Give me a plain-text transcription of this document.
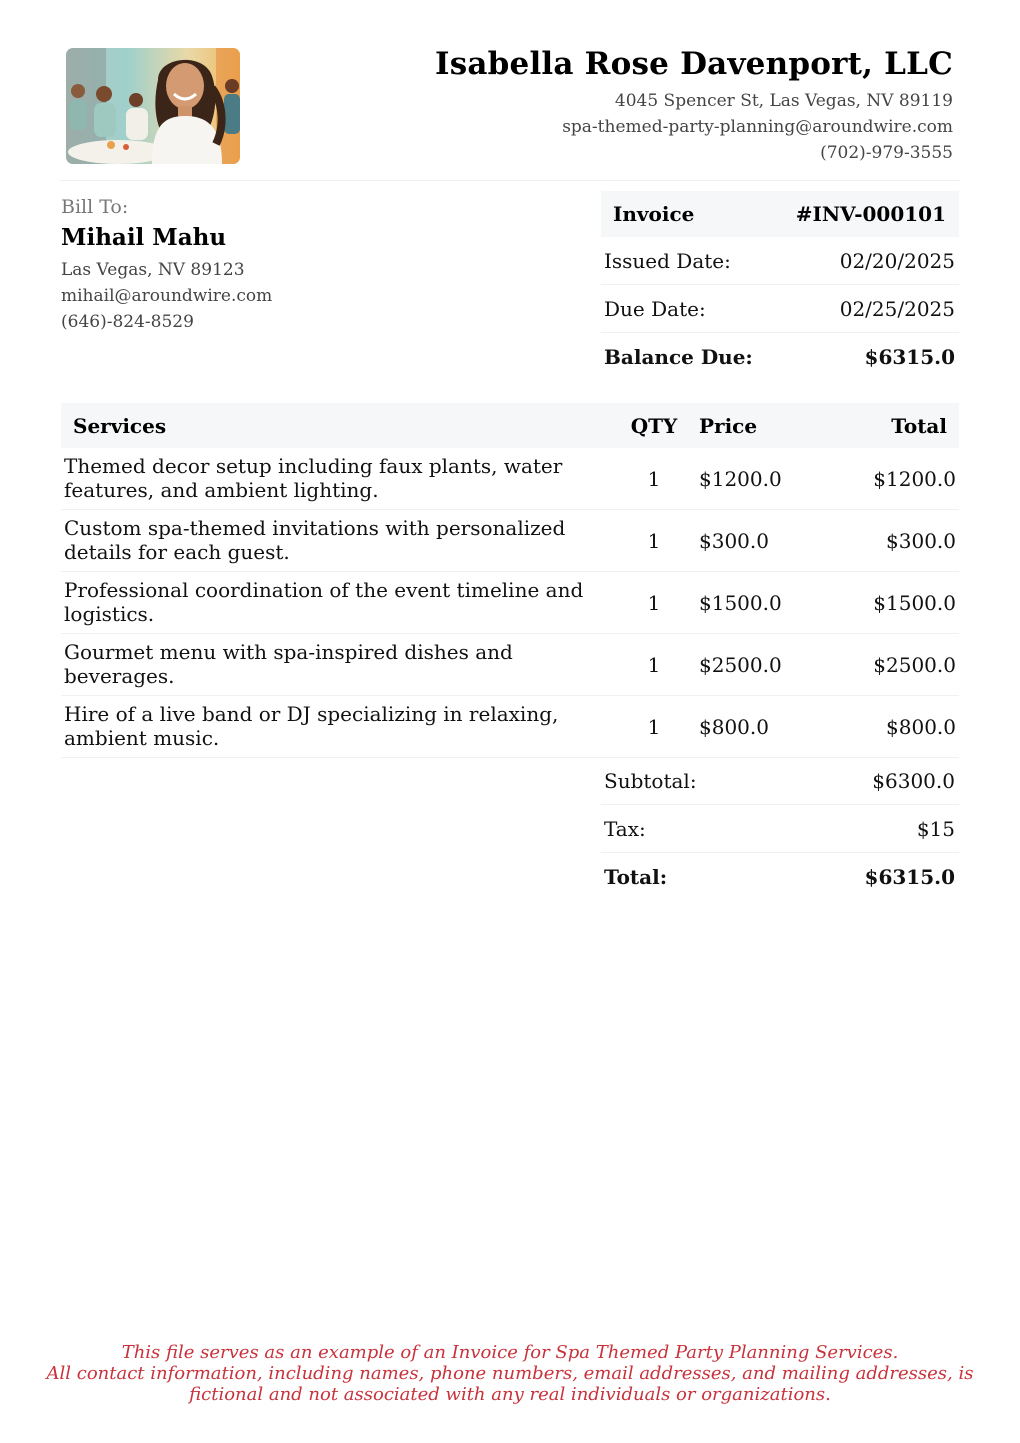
Isabella Rose Davenport, LLC
4045 Spencer St, Las Vegas, NV 89119
spa-themed-party-planning@aroundwire.com
(702)-979-3555
Bill To:
Mihail Mahu
Las Vegas, NV 89123
mihail@aroundwire.com
(646)-824-8529
Invoice	#INV-000101
Issued Date:	02/20/2025
Due Date:	02/25/2025
Balance Due:	$6315.0
Services	QTY	Price	Total
Themed decor setup including faux plants, water features, and ambient lighting.	1	$1200.0	$1200.0
Custom spa-themed invitations with personalized details for each guest.	1	$300.0	$300.0
Professional coordination of the event timeline and logistics.	1	$1500.0	$1500.0
Gourmet menu with spa-inspired dishes and beverages.	1	$2500.0	$2500.0
Hire of a live band or DJ specializing in relaxing, ambient music.	1	$800.0	$800.0
Subtotal:	$6300.0
Tax:	$15
Total:	$6315.0
This file serves as an example of an Invoice for Spa Themed Party Planning Services.
All contact information, including names, phone numbers, email addresses, and mailing addresses, is fictional and not associated with any real individuals or organizations.
